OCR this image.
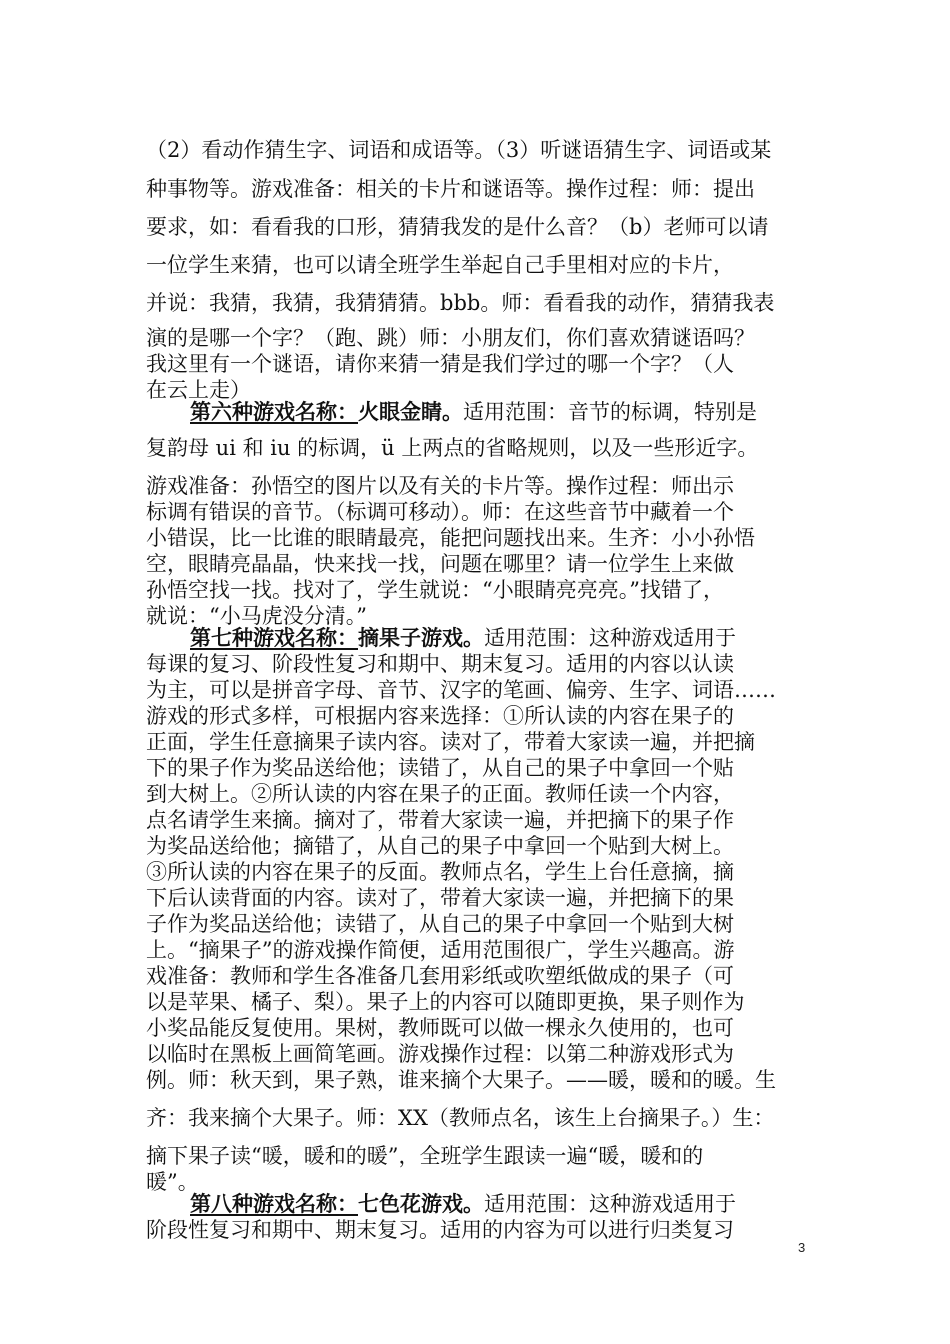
（2）看动作猜生字、词语和成语等。（3）听谜语猜生字、词语或某
种事物等。游戏准备：相关的卡片和谜语等。操作过程：师：提出
要求，如：看看我的口形，猜猜我发的是什么音？（b）老师可以请
一位学生来猜，也可以请全班学生举起自己手里相对应的卡片，
并说：我猜，我猜，我猜猜猜。bbb。师：看看我的动作，猜猜我表
演的是哪一个字？（跑、跳）师：小朋友们，你们喜欢猜谜语吗？
我这里有一个谜语，请你来猜一猜是我们学过的哪一个字？（人
在云上走）
第六种游戏名称：火眼金睛。适用范围：音节的标调，特别是
复韵母 ui 和 iu 的标调，ü 上两点的省略规则，以及一些形近字。
游戏准备：孙悟空的图片以及有关的卡片等。操作过程：师出示
标调有错误的音节。（标调可移动）。师：在这些音节中藏着一个
小错误，比一比谁的眼睛最亮，能把问题找出来。生齐：小小孙悟
空，眼睛亮晶晶，快来找一找，问题在哪里？请一位学生上来做
孙悟空找一找。找对了，学生就说：“小眼睛亮亮亮。”找错了，
就说：“小马虎没分清。”
第七种游戏名称：摘果子游戏。适用范围：这种游戏适用于
每课的复习、阶段性复习和期中、期末复习。适用的内容以认读
为主，可以是拼音字母、音节、汉字的笔画、偏旁、生字、词语……
游戏的形式多样，可根据内容来选择：①所认读的内容在果子的
正面，学生任意摘果子读内容。读对了，带着大家读一遍，并把摘
下的果子作为奖品送给他；读错了，从自己的果子中拿回一个贴
到大树上。②所认读的内容在果子的正面。教师任读一个内容，
点名请学生来摘。摘对了，带着大家读一遍，并把摘下的果子作
为奖品送给他；摘错了，从自己的果子中拿回一个贴到大树上。
③所认读的内容在果子的反面。教师点名，学生上台任意摘，摘
下后认读背面的内容。读对了，带着大家读一遍，并把摘下的果
子作为奖品送给他；读错了，从自己的果子中拿回一个贴到大树
上。“摘果子”的游戏操作简便，适用范围很广，学生兴趣高。游
戏准备：教师和学生各准备几套用彩纸或吹塑纸做成的果子（可
以是苹果、橘子、梨）。果子上的内容可以随即更换，果子则作为
小奖品能反复使用。果树，教师既可以做一棵永久使用的，也可
以临时在黑板上画简笔画。游戏操作过程：以第二种游戏形式为
例。师：秋天到，果子熟，谁来摘个大果子。——暖，暖和的暖。生
齐：我来摘个大果子。师：XX（教师点名，该生上台摘果子。）生：
摘下果子读“暖，暖和的暖”，全班学生跟读一遍“暖，暖和的
暖”。
第八种游戏名称：七色花游戏。适用范围：这种游戏适用于
阶段性复习和期中、期末复习。适用的内容为可以进行归类复习
3
